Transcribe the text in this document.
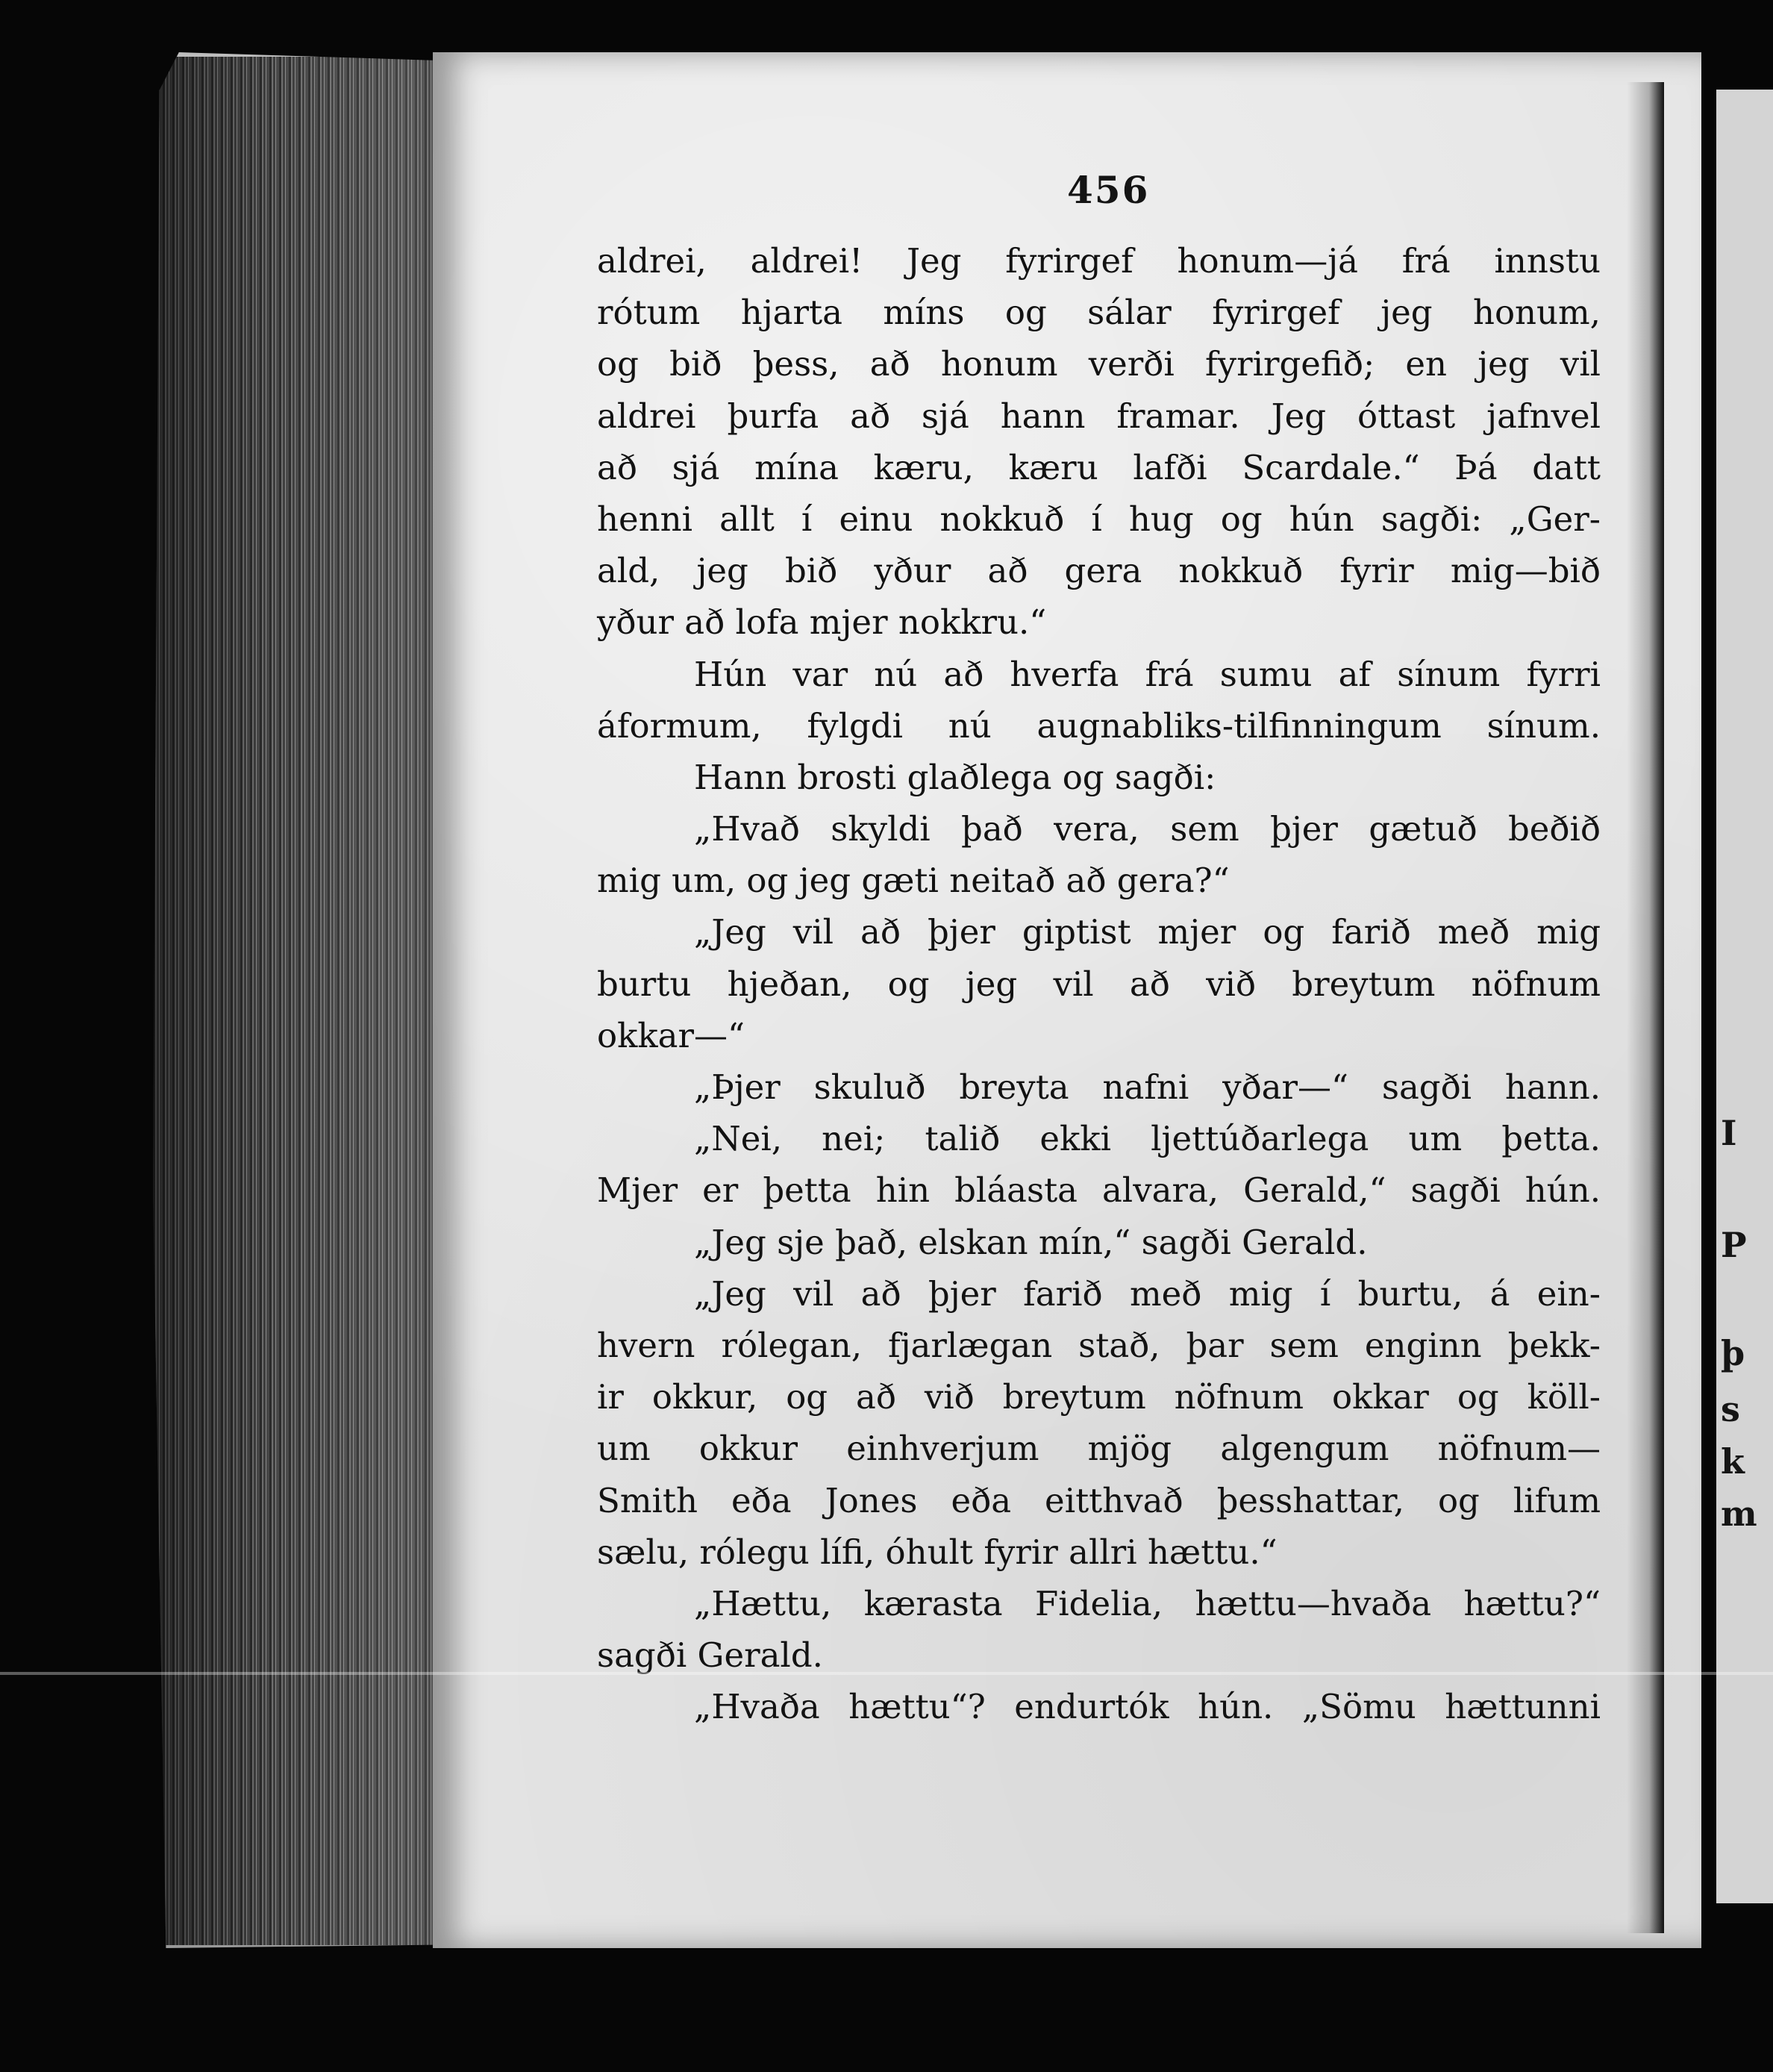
I
P
þ
s
k
m
456
aldrei, aldrei! Jeg fyrirgef honum—já frá innstu
rótum hjarta míns og sálar fyrirgef jeg honum,
og bið þess, að honum verði fyrirgefið; en jeg vil
aldrei þurfa að sjá hann framar. Jeg óttast jafnvel
að sjá mína kæru, kæru lafði Scardale.“ Þá datt
henni allt í einu nokkuð í hug og hún sagði: „Ger-
ald, jeg bið yður að gera nokkuð fyrir mig—bið
yður að lofa mjer nokkru.“
Hún var nú að hverfa frá sumu af sínum fyrri
áformum, fylgdi nú augnabliks-tilfinningum sínum.
Hann brosti glaðlega og sagði:
„Hvað skyldi það vera, sem þjer gætuð beðið
mig um, og jeg gæti neitað að gera?“
„Jeg vil að þjer giptist mjer og farið með mig
burtu hjeðan, og jeg vil að við breytum nöfnum
okkar—“
„Þjer skuluð breyta nafni yðar—“ sagði hann.
„Nei, nei; talið ekki ljettúðarlega um þetta.
Mjer er þetta hin bláasta alvara, Gerald,“ sagði hún.
„Jeg sje það, elskan mín,“ sagði Gerald.
„Jeg vil að þjer farið með mig í burtu, á ein-
hvern rólegan, fjarlægan stað, þar sem enginn þekk-
ir okkur, og að við breytum nöfnum okkar og köll-
um okkur einhverjum mjög algengum nöfnum—
Smith eða Jones eða eitthvað þesshattar, og lifum
sælu, rólegu lífi, óhult fyrir allri hættu.“
„Hættu, kærasta Fidelia, hættu—hvaða hættu?“
sagði Gerald.
„Hvaða hættu“? endurtók hún. „Sömu hættunni
